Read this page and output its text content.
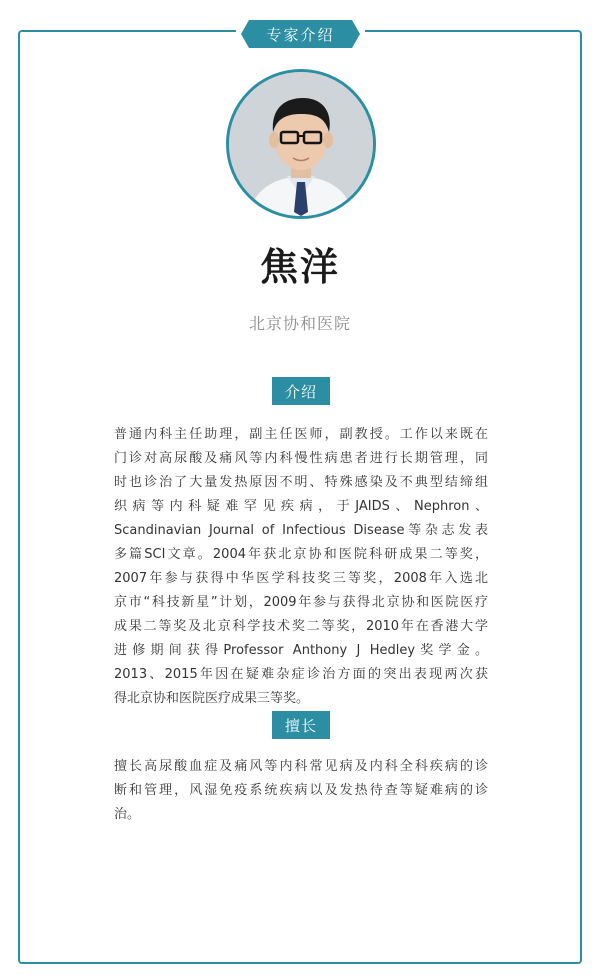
专家介绍
焦洋
北京协和医院
介绍
普通内科主任助理，副主任医师，副教授。工作以来既在
门诊对高尿酸及痛风等内科慢性病患者进行长期管理，同
时也诊治了大量发热原因不明、特殊感染及不典型结缔组
织病等内科疑难罕见疾病，于JAIDS、Nephron、
Scandinavian Journal of Infectious Disease等杂志发表
多篇SCI文章。2004年获北京协和医院科研成果二等奖，
2007年参与获得中华医学科技奖三等奖，2008年入选北
京市“科技新星”计划，2009年参与获得北京协和医院医疗
成果二等奖及北京科学技术奖二等奖，2010年在香港大学
进修期间获得Professor Anthony J Hedley奖学金。
2013、2015年因在疑难杂症诊治方面的突出表现两次获
得北京协和医院医疗成果三等奖。
擅长
擅长高尿酸血症及痛风等内科常见病及内科全科疾病的诊
断和管理，风湿免疫系统疾病以及发热待查等疑难病的诊
治。
